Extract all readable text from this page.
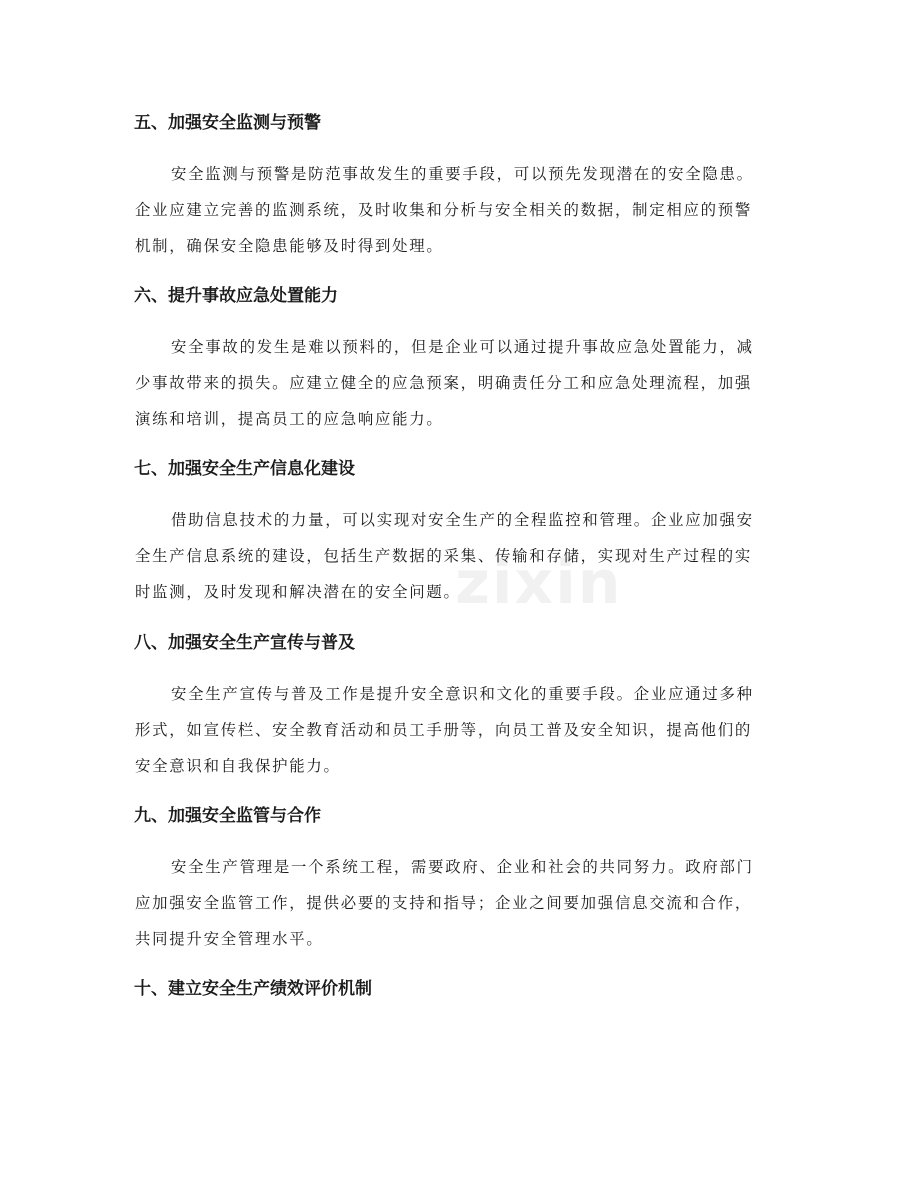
五、加强安全监测与预警

安全监测与预警是防范事故发生的重要手段，可以预先发现潜在的安全隐患。

企业应建立完善的监测系统，及时收集和分析与安全相关的数据，制定相应的预警

机制，确保安全隐患能够及时得到处理。

六、提升事故应急处置能力

安全事故的发生是难以预料的，但是企业可以通过提升事故应急处置能力，减

少事故带来的损失。应建立健全的应急预案，明确责任分工和应急处理流程，加强

演练和培训，提高员工的应急响应能力。

七、加强安全生产信息化建设

借助信息技术的力量，可以实现对安全生产的全程监控和管理。企业应加强安

全生产信息系统的建设，包括生产数据的采集、传输和存储，实现对生产过程的实

时监测，及时发现和解决潜在的安全问题。

八、加强安全生产宣传与普及

安全生产宣传与普及工作是提升安全意识和文化的重要手段。企业应通过多种

形式，如宣传栏、安全教育活动和员工手册等，向员工普及安全知识，提高他们的

安全意识和自我保护能力。

九、加强安全监管与合作

安全生产管理是一个系统工程，需要政府、企业和社会的共同努力。政府部门

应加强安全监管工作，提供必要的支持和指导；企业之间要加强信息交流和合作，

共同提升安全管理水平。

十、建立安全生产绩效评价机制
zixin
